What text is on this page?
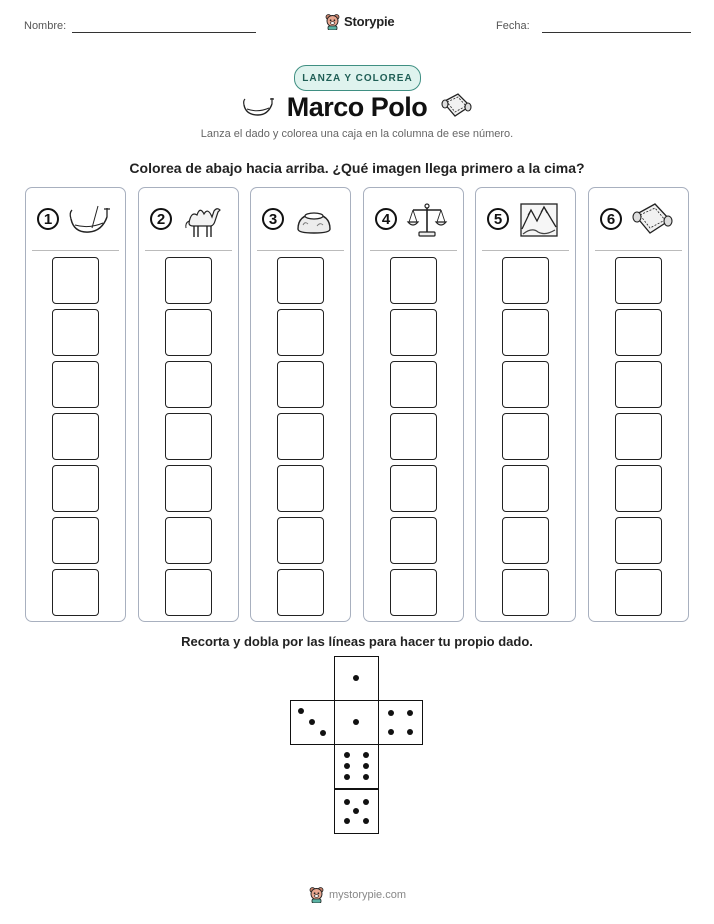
Nombre:	Storypie	Fecha:
LANZA Y COLOREA
Marco Polo
Lanza el dado y colorea una caja en la columna de ese número.
Colorea de abajo hacia arriba. ¿Qué imagen llega primero a la cima?
1	2	3	4	5	6
Recorta y dobla por las líneas para hacer tu propio dado.
mystorypie.com
